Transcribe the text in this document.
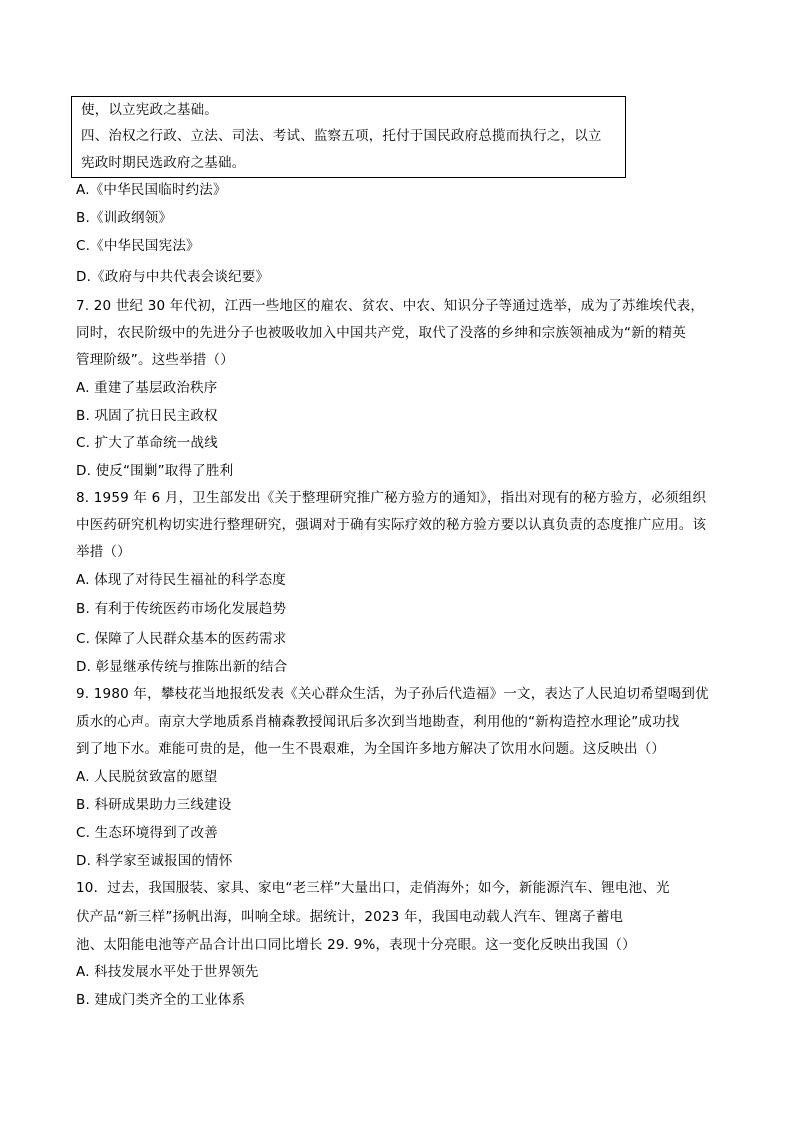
使，以立宪政之基础。
四、治权之行政、立法、司法、考试、监察五项，托付于国民政府总揽而执行之，以立
宪政时期民选政府之基础。
A.《中华民国临时约法》
B.《训政纲领》
C.《中华民国宪法》
D.《政府与中共代表会谈纪要》
7. 20 世纪 30 年代初，江西一些地区的雇农、贫农、中农、知识分子等通过选举，成为了苏维埃代表，
同时，农民阶级中的先进分子也被吸收加入中国共产党，取代了没落的乡绅和宗族领袖成为“新的精英
管理阶级”。这些举措（）
A. 重建了基层政治秩序
B. 巩固了抗日民主政权
C. 扩大了革命统一战线
D. 使反“围剿”取得了胜利
8. 1959 年 6 月，卫生部发出《关于整理研究推广秘方验方的通知》，指出对现有的秘方验方，必须组织
中医药研究机构切实进行整理研究，强调对于确有实际疗效的秘方验方要以认真负责的态度推广应用。该
举措（）
A. 体现了对待民生福祉的科学态度
B. 有利于传统医药市场化发展趋势
C. 保障了人民群众基本的医药需求
D. 彰显继承传统与推陈出新的结合
9. 1980 年，攀枝花当地报纸发表《关心群众生活，为子孙后代造福》一文，表达了人民迫切希望喝到优
质水的心声。南京大学地质系肖楠森教授闻讯后多次到当地勘查，利用他的“新构造控水理论”成功找
到了地下水。难能可贵的是，他一生不畏艰难，为全国许多地方解决了饮用水问题。这反映出（）
A. 人民脱贫致富的愿望
B. 科研成果助力三线建设
C. 生态环境得到了改善
D. 科学家至诚报国的情怀
10．过去，我国服装、家具、家电“老三样”大量出口，走俏海外；如今，新能源汽车、锂电池、光
伏产品“新三样”扬帆出海，叫响全球。据统计，2023 年，我国电动载人汽车、锂离子蓄电
池、太阳能电池等产品合计出口同比增长 29. 9%，表现十分亮眼。这一变化反映出我国（）
A. 科技发展水平处于世界领先
B. 建成门类齐全的工业体系
